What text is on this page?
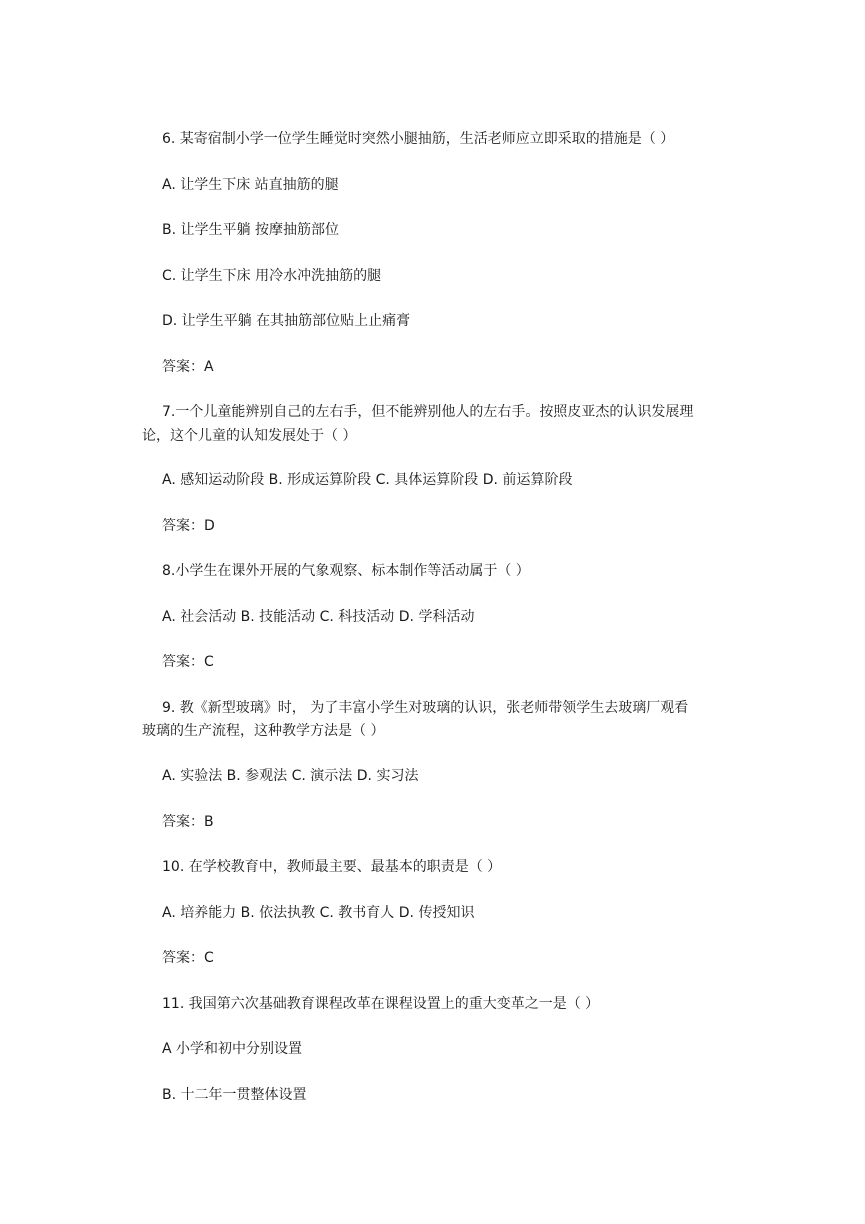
6. 某寄宿制小学一位学生睡觉时突然小腿抽筋，生活老师应立即采取的措施是（ ）
A. 让学生下床 站直抽筋的腿
B. 让学生平躺 按摩抽筋部位
C. 让学生下床 用冷水冲洗抽筋的腿
D. 让学生平躺 在其抽筋部位贴上止痛膏
答案：A
7.一个儿童能辨别自己的左右手，但不能辨别他人的左右手。按照皮亚杰的认识发展理
论，这个儿童的认知发展处于（ ）
A. 感知运动阶段 B. 形成运算阶段 C. 具体运算阶段 D. 前运算阶段
答案：D
8.小学生在课外开展的气象观察、标本制作等活动属于（ ）
A. 社会活动 B. 技能活动 C. 科技活动 D. 学科活动
答案：C
9. 教《新型玻璃》时， 为了丰富小学生对玻璃的认识，张老师带领学生去玻璃厂观看
玻璃的生产流程，这种教学方法是（ ）
A. 实验法 B. 参观法 C. 演示法 D. 实习法
答案：B
10. 在学校教育中，教师最主要、最基本的职责是（ ）
A. 培养能力 B. 依法执教 C. 教书育人 D. 传授知识
答案：C
11. 我国第六次基础教育课程改革在课程设置上的重大变革之一是（ ）
A 小学和初中分别设置
B. 十二年一贯整体设置
